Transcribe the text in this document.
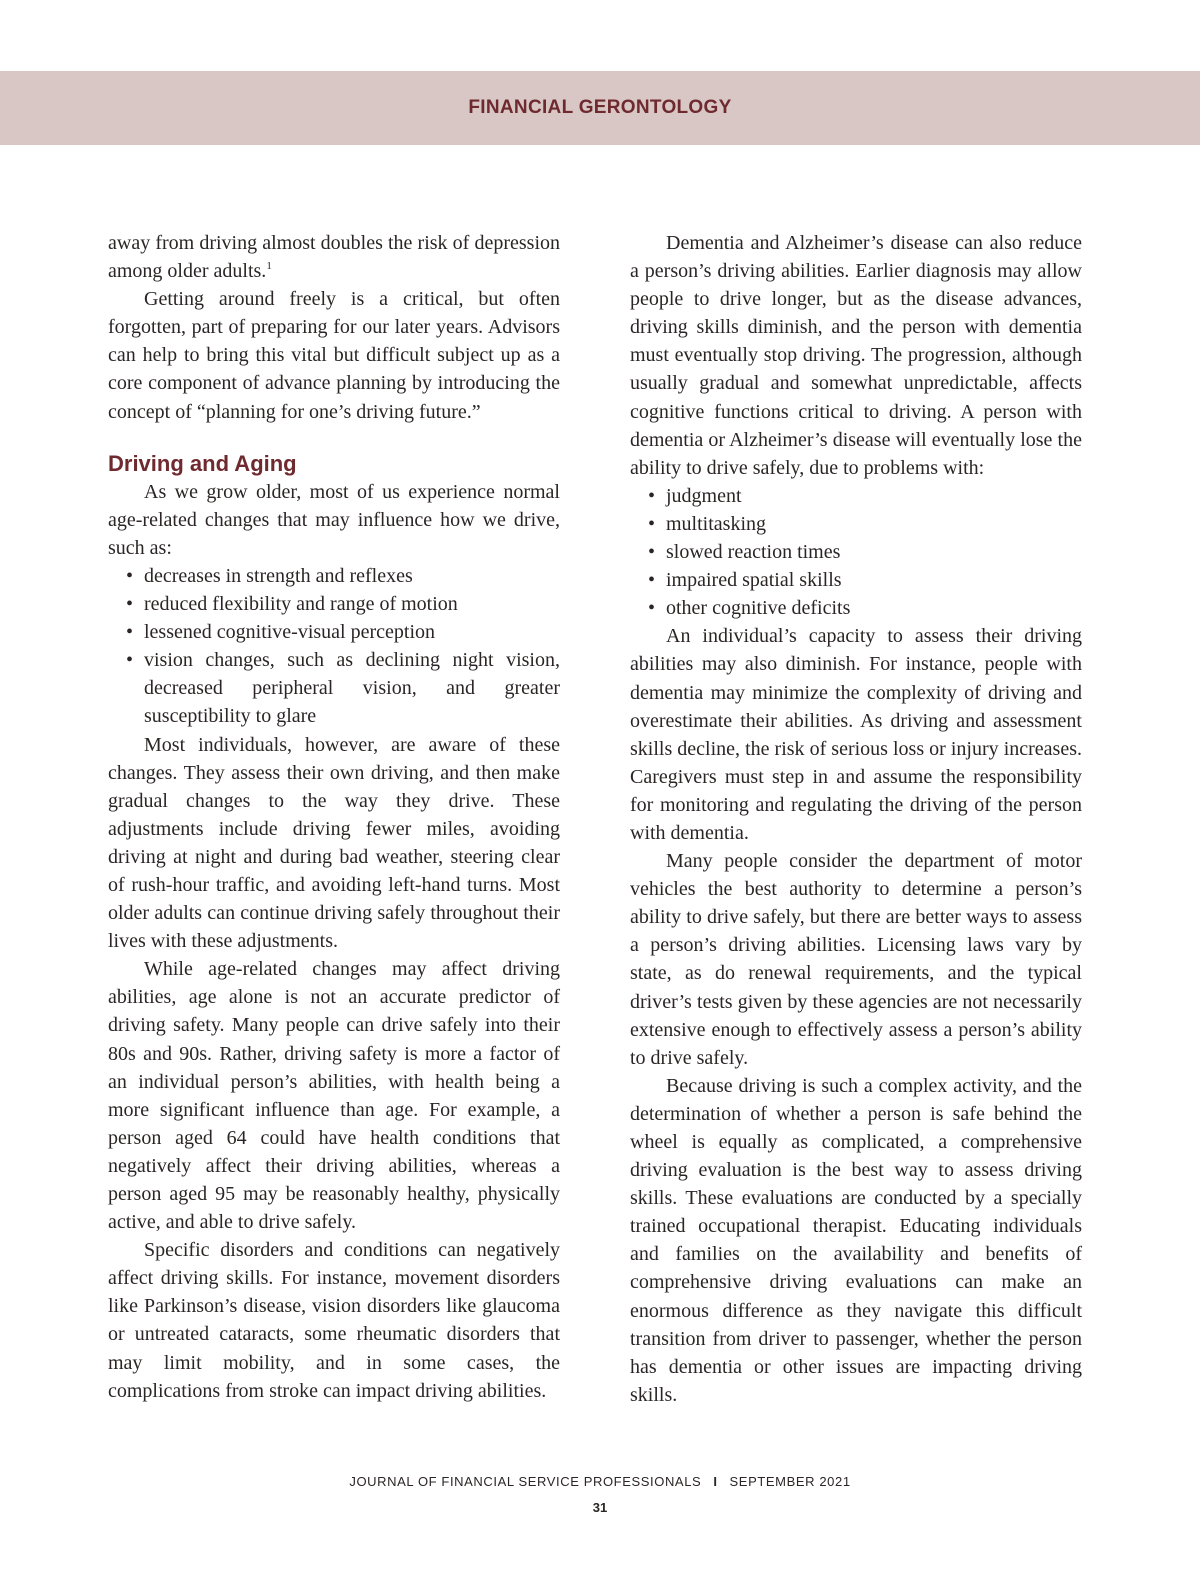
FINANCIAL GERONTOLOGY

away from driving almost doubles the risk of depression among older adults.$^1$

Getting around freely is a critical, but often forgotten, part of preparing for our later years. Advisors can help to bring this vital but difficult subject up as a core component of advance planning by introducing the concept of “planning for one’s driving future.”

Driving and Aging

As we grow older, most of us experience normal age-related changes that may influence how we drive, such as:

• decreases in strength and reflexes
• reduced flexibility and range of motion
• lessened cognitive-visual perception
• vision changes, such as declining night vision, decreased peripheral vision, and greater susceptibility to glare

Most individuals, however, are aware of these changes. They assess their own driving, and then make gradual changes to the way they drive. These adjustments include driving fewer miles, avoiding driving at night and during bad weather, steering clear of rush-hour traffic, and avoiding left-hand turns. Most older adults can continue driving safely throughout their lives with these adjustments.

While age-related changes may affect driving abilities, age alone is not an accurate predictor of driving safety. Many people can drive safely into their 80s and 90s. Rather, driving safety is more a factor of an individual person’s abilities, with health being a more significant influence than age. For example, a person aged 64 could have health conditions that negatively affect their driving abilities, whereas a person aged 95 may be reasonably healthy, physically active, and able to drive safely.

Specific disorders and conditions can negatively affect driving skills. For instance, movement disorders like Parkinson’s disease, vision disorders like glaucoma or untreated cataracts, some rheumatic disorders that may limit mobility, and in some cases, the complications from stroke can impact driving abilities.

Dementia and Alzheimer’s disease can also reduce a person’s driving abilities. Earlier diagnosis may allow people to drive longer, but as the disease advances, driving skills diminish, and the person with dementia must eventually stop driving. The progression, although usually gradual and somewhat unpredictable, affects cognitive functions critical to driving. A person with dementia or Alzheimer’s disease will eventually lose the ability to drive safely, due to problems with:

• judgment
• multitasking
• slowed reaction times
• impaired spatial skills
• other cognitive deficits

An individual’s capacity to assess their driving abilities may also diminish. For instance, people with dementia may minimize the complexity of driving and overestimate their abilities. As driving and assessment skills decline, the risk of serious loss or injury increases. Caregivers must step in and assume the responsibility for monitoring and regulating the driving of the person with dementia.

Many people consider the department of motor vehicles the best authority to determine a person’s ability to drive safely, but there are better ways to assess a person’s driving abilities. Licensing laws vary by state, as do renewal requirements, and the typical driver’s tests given by these agencies are not necessarily extensive enough to effectively assess a person’s ability to drive safely.

Because driving is such a complex activity, and the determination of whether a person is safe behind the wheel is equally as complicated, a comprehensive driving evaluation is the best way to assess driving skills. These evaluations are conducted by a specially trained occupational therapist. Educating individuals and families on the availability and benefits of comprehensive driving evaluations can make an enormous difference as they navigate this difficult transition from driver to passenger, whether the person has dementia or other issues are impacting driving skills.

JOURNAL OF FINANCIAL SERVICE PROFESSIONALS I SEPTEMBER 2021
31
